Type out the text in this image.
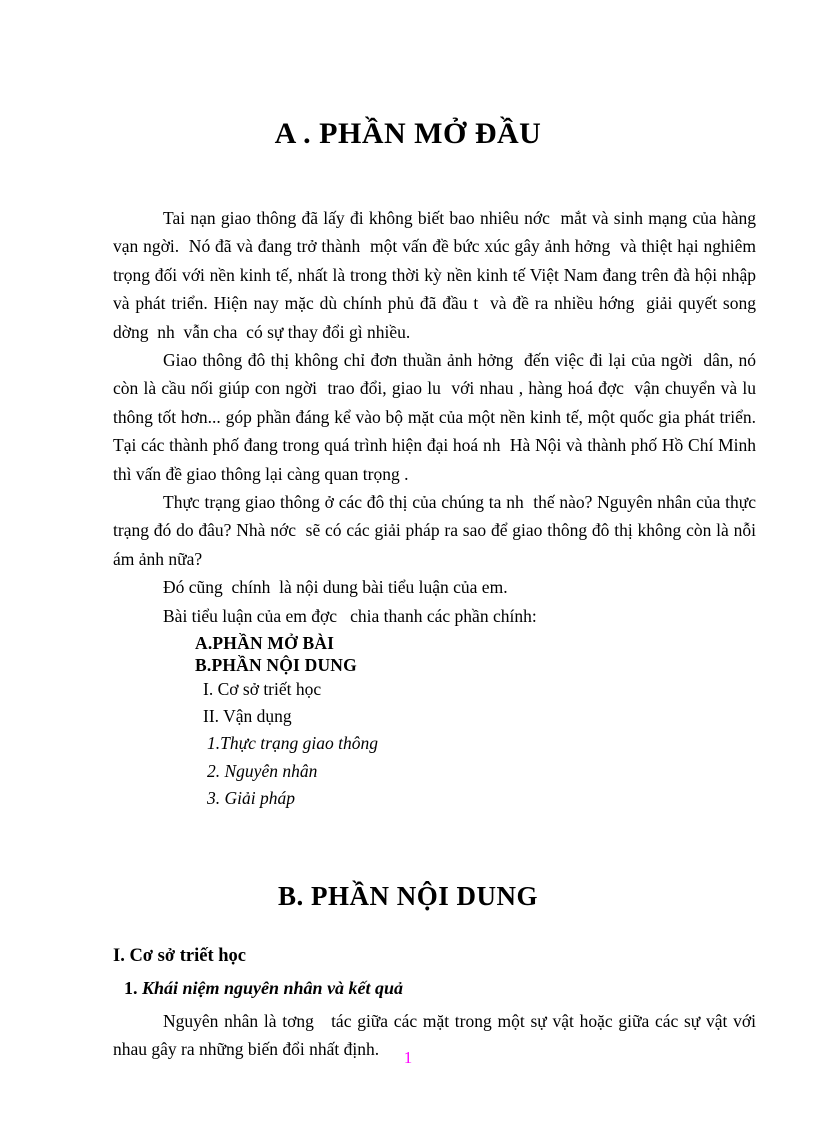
A . PHẦN MỞ ĐẦU

Tai nạn giao thông đã lấy đi không biết bao nhiêu nớc  mắt và sinh mạng của hàng vạn ngời.  Nó đã và đang trở thành  một vấn đề bức xúc gây ảnh hởng  và thiệt hại nghiêm trọng đối với nền kinh tế, nhất là trong thời kỳ nền kinh tế Việt Nam đang trên đà hội nhập và phát triển. Hiện nay mặc dù chính phủ đã đầu t  và đề ra nhiều hớng  giải quyết song dờng  nh  vẫn cha  có sự thay đổi gì nhiều.

Giao thông đô thị không chỉ đơn thuần ảnh hởng  đến việc đi lại của ngời  dân, nó còn là cầu nối giúp con ngời  trao đổi, giao lu  với nhau , hàng hoá đợc  vận chuyển và lu  thông tốt hơn... góp phần đáng kể vào bộ mặt của một nền kinh tế, một quốc gia phát triển. Tại các thành phố đang trong quá trình hiện đại hoá nh  Hà Nội và thành phố Hồ Chí Minh thì vấn đề giao thông lại càng quan trọng .

Thực trạng giao thông ở các đô thị của chúng ta nh  thế nào? Nguyên nhân của thực trạng đó do đâu? Nhà nớc  sẽ có các giải pháp ra sao để giao thông đô thị không còn là nỗi ám ảnh nữa?

Đó cũng  chính  là nội dung bài tiểu luận của em.

Bài tiểu luận của em đợc   chia thanh các phần chính:

A.PHẦN MỞ BÀI
B.PHẦN NỘI DUNG
I. Cơ sở triết học
II. Vận dụng
1.Thực trạng giao thông
2. Nguyên nhân
3. Giải pháp
B. PHẦN NỘI DUNG
I. Cơ sở triết học
1. Khái niệm nguyên nhân và kết quả

Nguyên nhân là tơng   tác giữa các mặt trong một sự vật hoặc giữa các sự vật với nhau gây ra những biến đổi nhất định.	1
